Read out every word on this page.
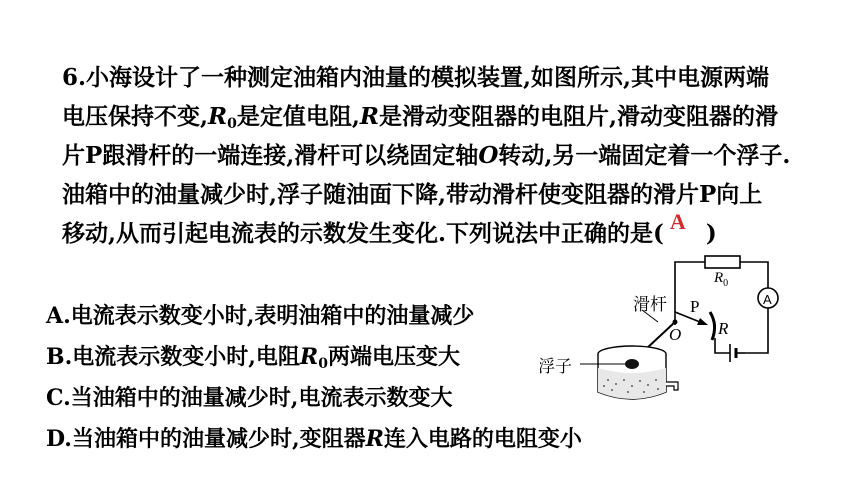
6.小海设计了一种测定油箱内油量的模拟装置,如图所示,其中电源两端
电压保持不变$,R_0$是定值电阻,R是滑动变阻器的电阻片,滑动变阻器的滑
片P跟滑杆的一端连接,滑杆可以绕固定轴O转动,另一端固定着一个浮子.
油箱中的油量减少时,浮子随油面下降,带动滑杆使变阻器的滑片P向上
移动,从而引起电流表的示数发生变化.下列说法中正确的是( A )
A.电流表示数变小时,表明油箱中的油量减少
B.电流表示数变小时,电阻$R_0$两端电压变大
C.当油箱中的油量减少时,电流表示数变大
D.当油箱中的油量减少时,变阻器R连入电路的电阻变小
滑杆
浮子
P
O R
$R_0$
A
